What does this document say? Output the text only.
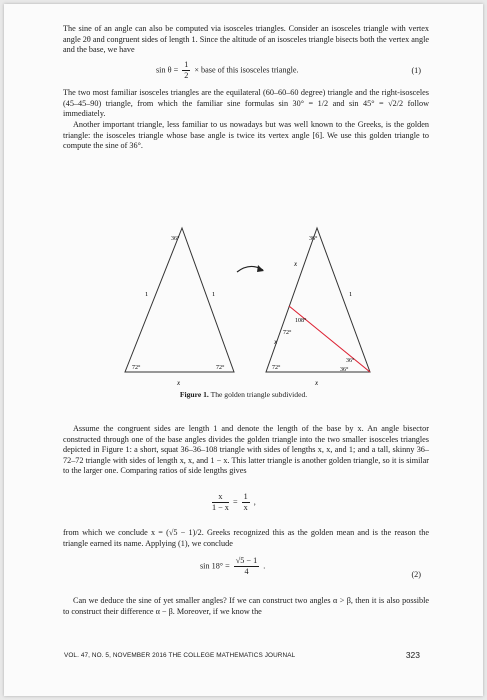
The sine of an angle can also be computed via isosceles triangles. Consider an isosceles triangle with vertex angle 2θ and congruent sides of length 1. Since the altitude of an isosceles triangle bisects both the vertex angle and the base, we have

$\sin \theta = \frac{1}{2}$ × base of this isosceles triangle.	(1)

The two most familiar isosceles triangles are the equilateral (60–60–60 degree) triangle and the right-isosceles (45–45–90) triangle, from which the familiar sine formulas sin 30° = 1/2 and sin 45° = √2/2 follow immediately.

Another important triangle, less familiar to us nowadays but was well known to the Greeks, is the golden triangle: the isosceles triangle whose base angle is twice its vertex angle [6]. We use this golden triangle to compute the sine of 36°.

36°
1	1
72°	72°
x
36°
x
1
108°
72°
72°
36°
36°
x
x
Figure 1. The golden triangle subdivided.

Assume the congruent sides are length 1 and denote the length of the base by x. An angle bisector constructed through one of the base angles divides the golden triangle into the two smaller isosceles triangles depicted in Figure 1: a short, squat 36–36–108 triangle with sides of lengths x, x, and 1; and a tall, skinny 36–72–72 triangle with sides of length x, x, and 1 − x. This latter triangle is another golden triangle, so it is similar to the larger one. Comparing ratios of side lengths gives

$\frac{x}{1 - x} = \frac{1}{x}$ ,

from which we conclude x = (√5 − 1)/2. Greeks recognized this as the golden mean and is the reason the triangle earned its name. Applying (1), we conclude

$\sin 18^\circ = \frac{√5 - 1}{4}$ .
(2)

Can we deduce the sine of yet smaller angles? If we can construct two angles α > β, then it is also possible to construct their difference α − β. Moreover, if we know the

VOL. 47, NO. 5, NOVEMBER 2016 THE COLLEGE MATHEMATICS JOURNAL	323
